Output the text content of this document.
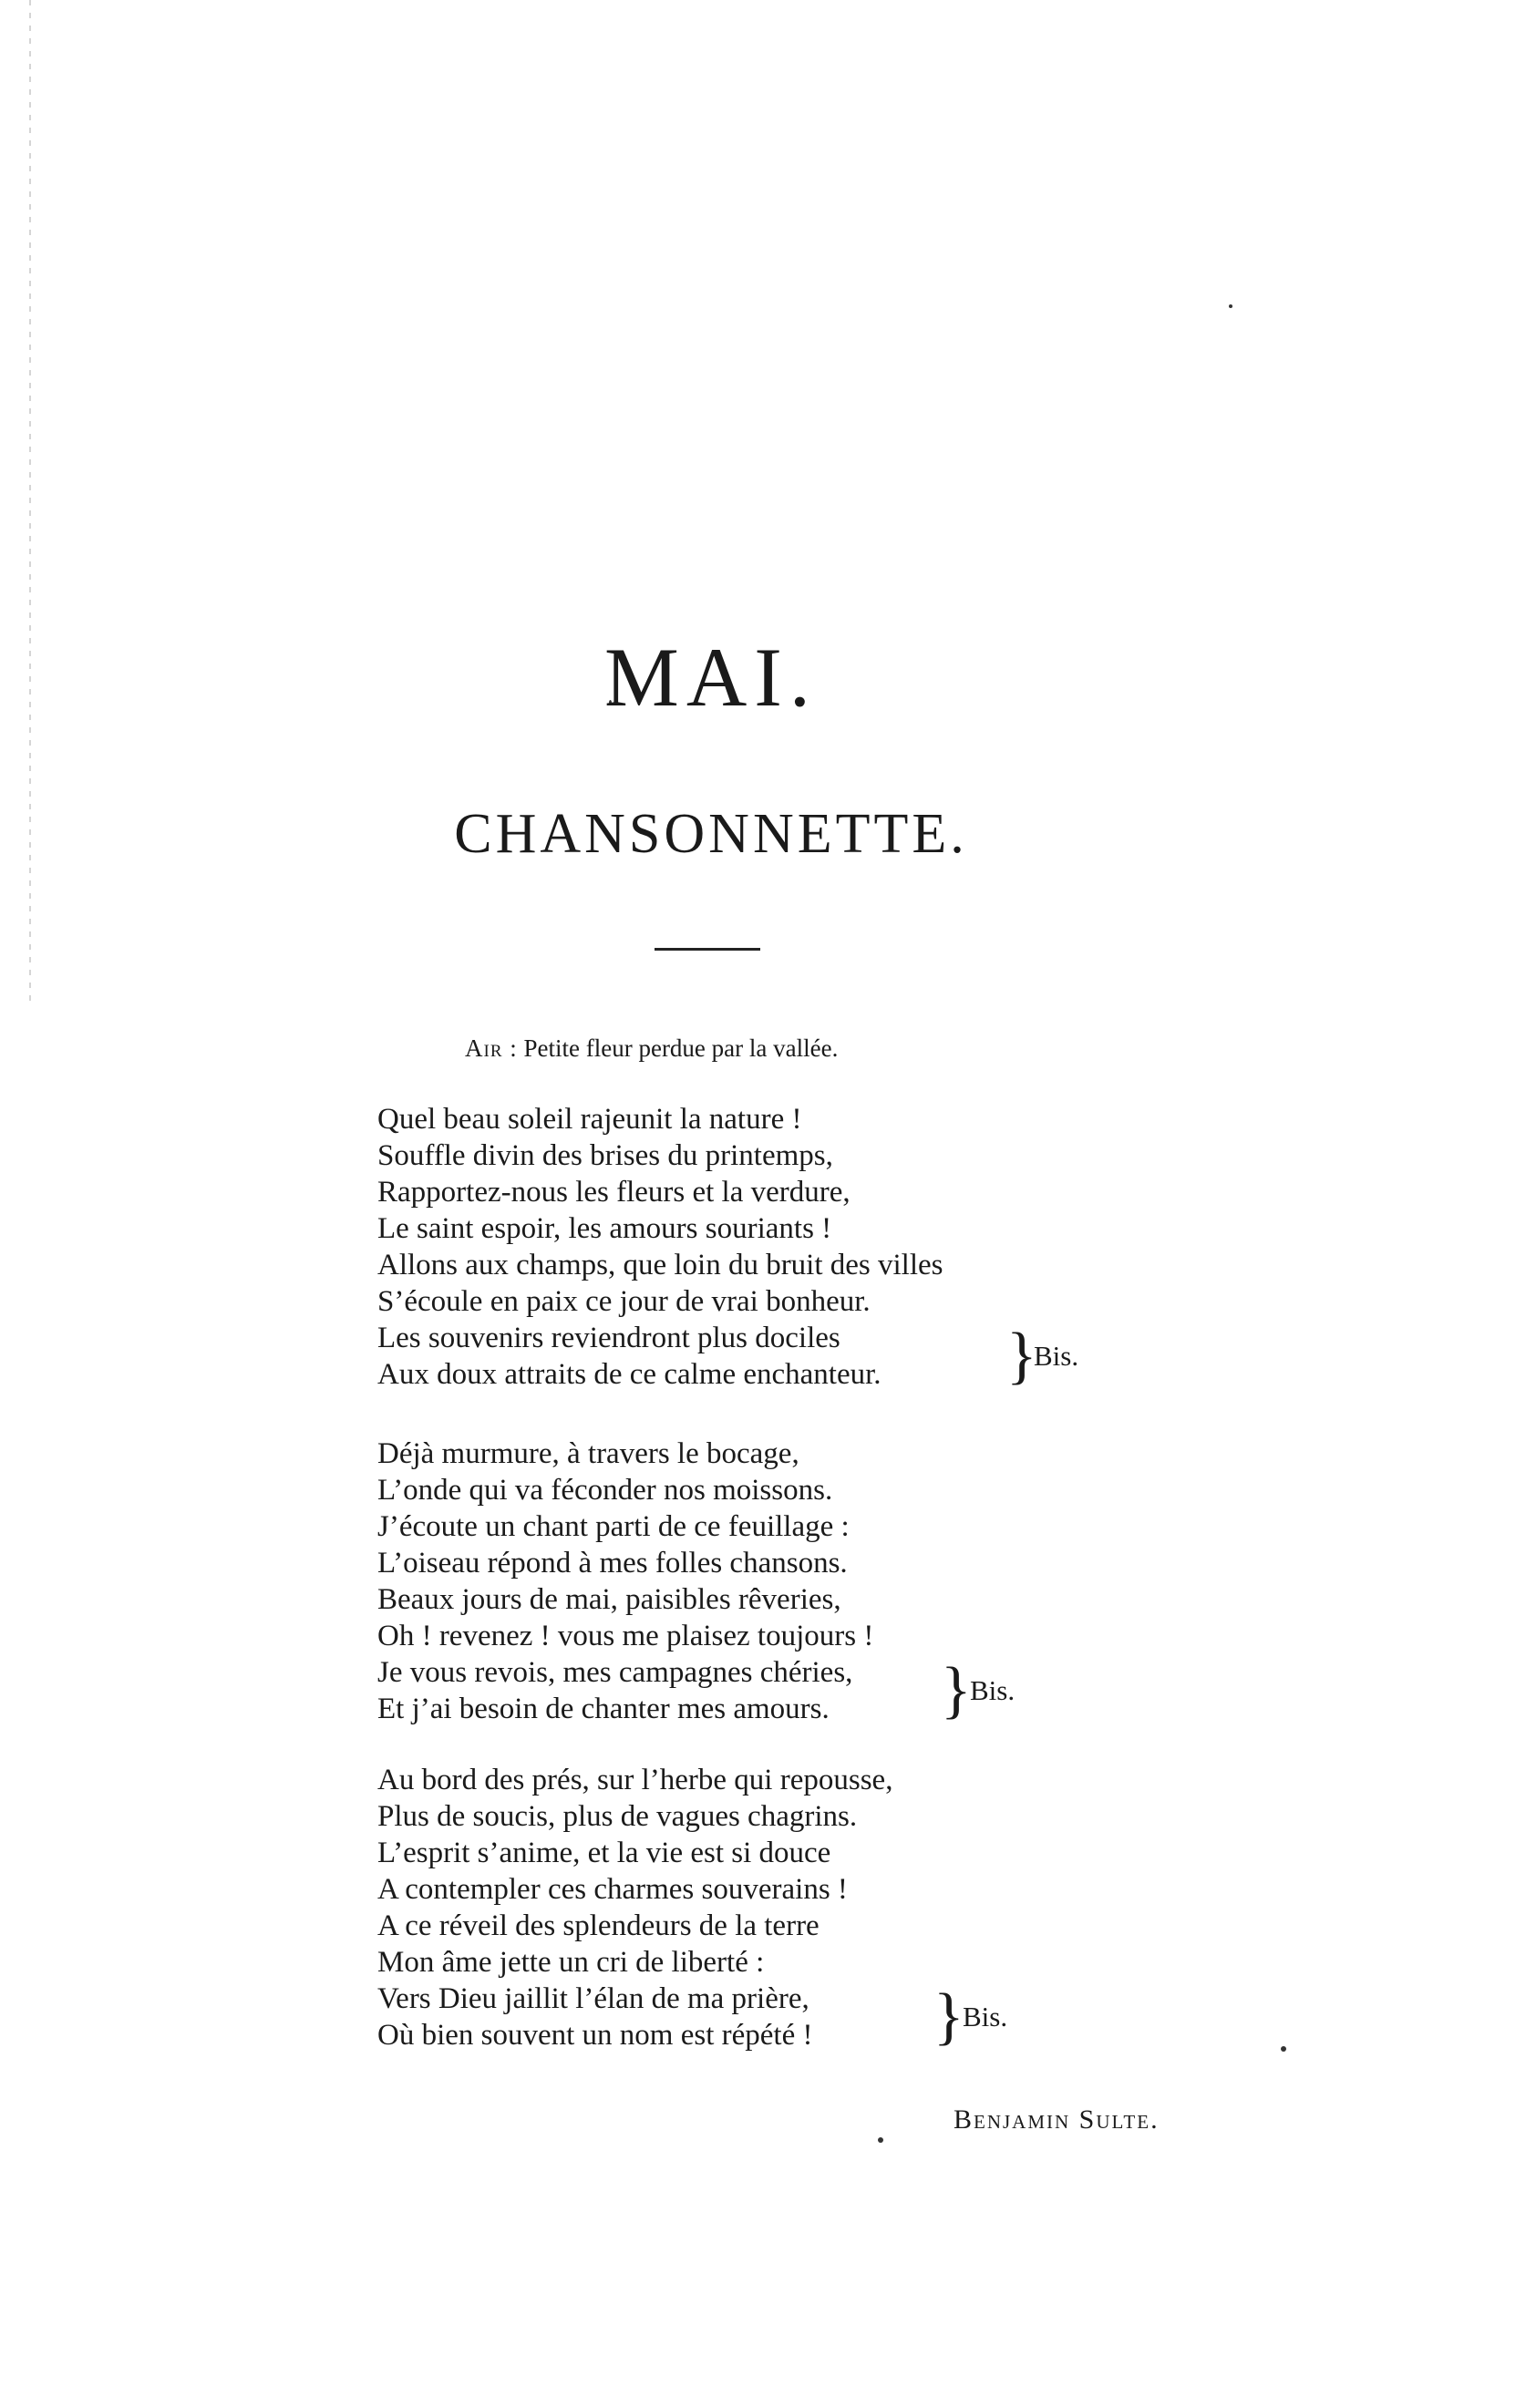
MAI.
CHANSONNETTE.
Air : Petite fleur perdue par la vallée.
Quel beau soleil rajeunit la nature !
Souffle divin des brises du printemps,
Rapportez-nous les fleurs et la verdure,
Le saint espoir, les amours souriants !
Allons aux champs, que loin du bruit des villes
S’écoule en paix ce jour de vrai bonheur.
Les souvenirs reviendront plus dociles
Aux doux attraits de ce calme enchanteur.	}
Bis.
Déjà murmure, à travers le bocage,
L’onde qui va féconder nos moissons.
J’écoute un chant parti de ce feuillage :
L’oiseau répond à mes folles chansons.
Beaux jours de mai, paisibles rêveries,
Oh ! revenez ! vous me plaisez toujours !
Je vous revois, mes campagnes chéries,
Et j’ai besoin de chanter mes amours.	}
Bis.
Au bord des prés, sur l’herbe qui repousse,
Plus de soucis, plus de vagues chagrins.
L’esprit s’anime, et la vie est si douce
A contempler ces charmes souverains !
A ce réveil des splendeurs de la terre
Mon âme jette un cri de liberté :
Vers Dieu jaillit l’élan de ma prière,
Où bien souvent un nom est répété !	}
Bis.
Benjamin Sulte.
